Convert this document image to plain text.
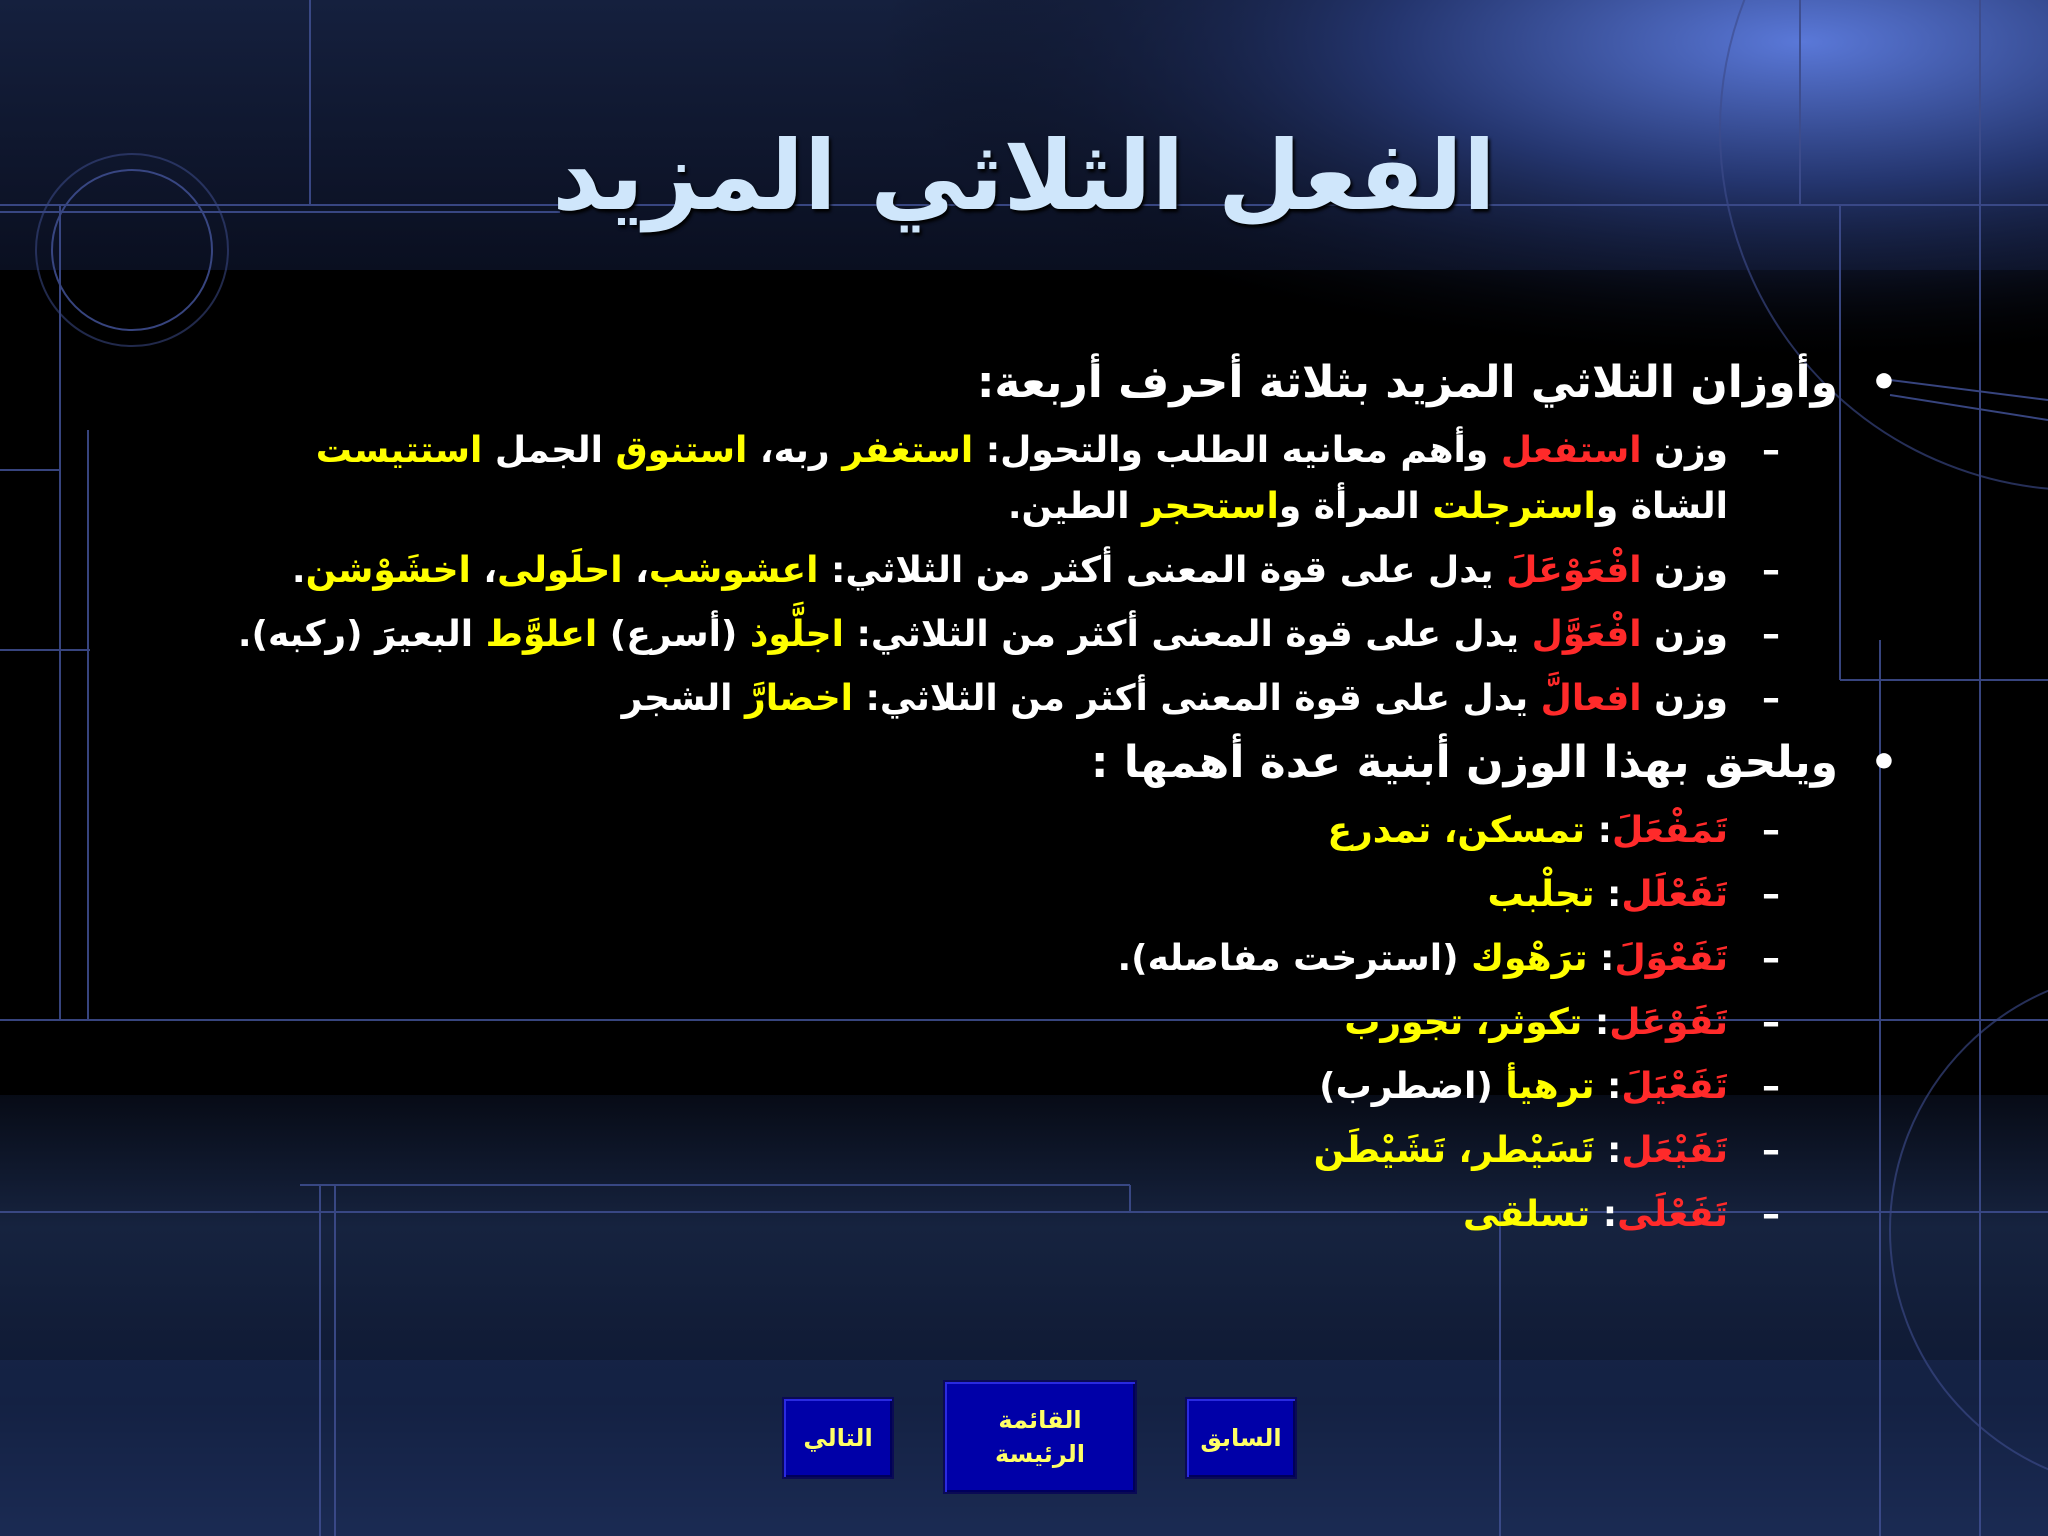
الفعل الثلاثي المزيد
•
وأوزان الثلاثي المزيد بثلاثة أحرف أربعة:
–
وزن استفعل وأهم معانيه الطلب والتحول: استغفر ربه، استنوق الجمل استتيست الشاة واسترجلت المرأة واستحجر الطين.
–
وزن افْعَوْعَلَ يدل على قوة المعنى أكثر من الثلاثي: اعشوشب، احلَولى، اخشَوْشن.
–
وزن افْعَوَّل يدل على قوة المعنى أكثر من الثلاثي: اجلَّوذ (أسرع) اعلوَّط البعيرَ (ركبه).
–
وزن افعالَّ يدل على قوة المعنى أكثر من الثلاثي: اخضارَّ الشجر
•
ويلحق بهذا الوزن أبنية عدة أهمها :
–
تَمَفْعَلَ: تمسكن، تمدرع
–
تَفَعْلَل: تجلْبب
–
تَفَعْوَلَ: ترَهْوك (استرخت مفاصله).
–
تَفَوْعَل: تكوثر، تجورب
–
تَفَعْيَلَ: ترهيأ (اضطرب)
–
تَفَيْعَل: تَسَيْطر، تَشَيْطَن
–
تَفَعْلَى: تسلقى
التالي
القائمة
الرئيسة
السابق
